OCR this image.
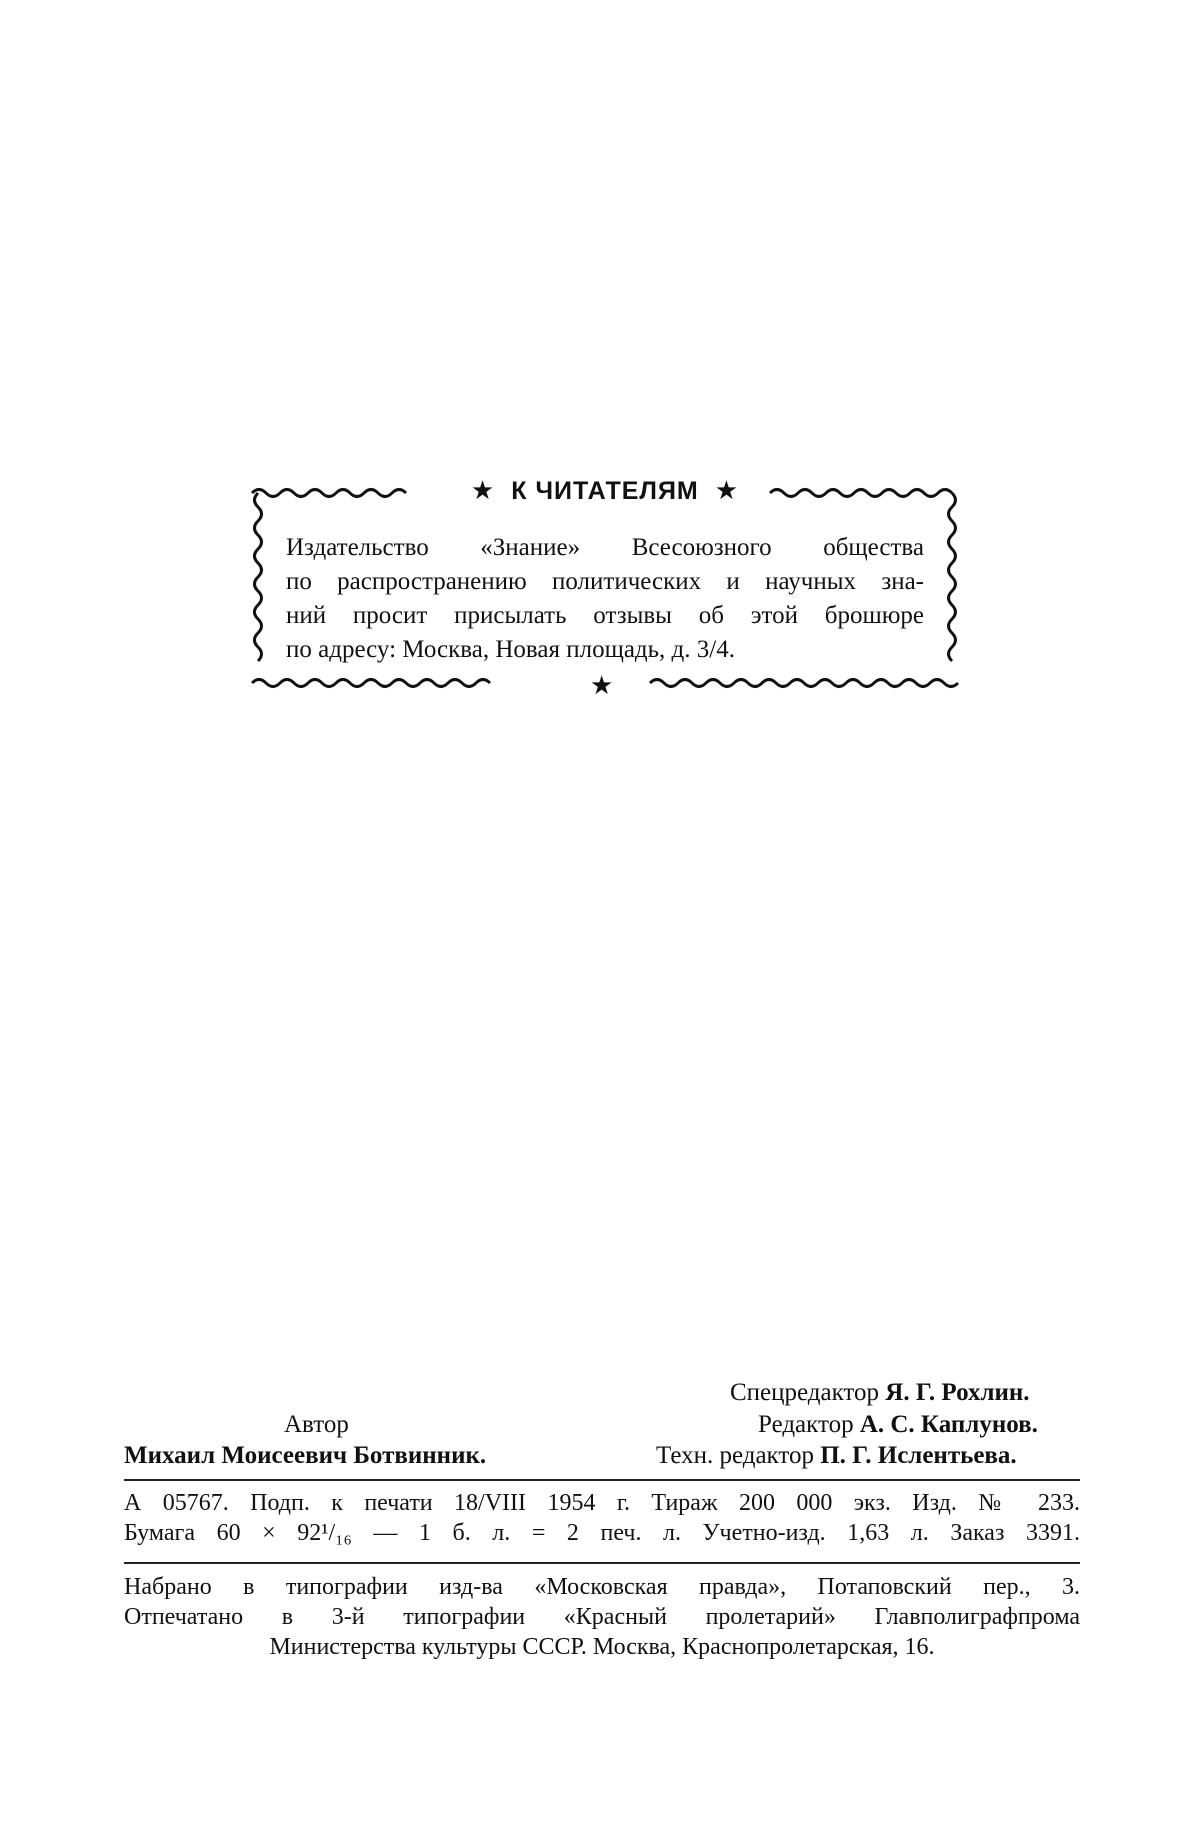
★ К ЧИТАТЕЛЯМ ★
Издательство «Знание» Всесоюзного общества
по распространению политических и научных зна-
ний просит присылать отзывы об этой брошюре
по адресу: Москва, Новая площадь, д. 3/4.
★
Спецредактор Я. Г. Рохлин.
Автор	Редактор А. С. Каплунов.
Михаил Моисеевич Ботвинник.	Техн. редактор П. Г. Ислентьева.
А 05767. Подп. к печати 18/VIII 1954 г. Тираж 200 000 экз. Изд. № 233.
Бумага 60 × 92¹/₁₆ — 1 б. л. = 2 печ. л. Учетно-изд. 1,63 л. Заказ 3391.
Набрано в типографии изд-ва «Московская правда», Потаповский пер., 3.
Отпечатано в 3-й типографии «Красный пролетарий» Главполиграфпрома
Министерства культуры СССР. Москва, Краснопролетарская, 16.
